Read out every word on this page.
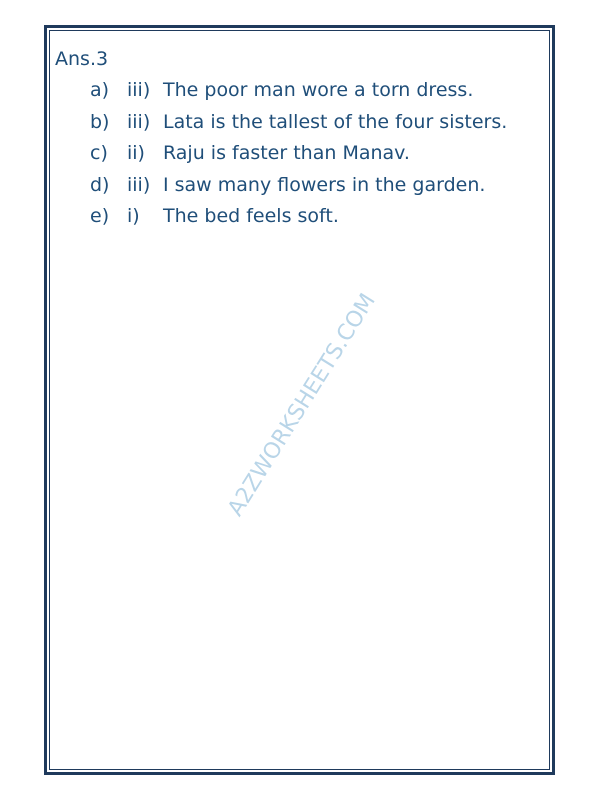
A2ZWORKSHEETS.COM
Ans.3
a) iii) The poor man wore a torn dress.
b) iii) Lata is the tallest of the four sisters.
c) ii) Raju is faster than Manav.
d) iii) I saw many flowers in the garden.
e) i) The bed feels soft.
